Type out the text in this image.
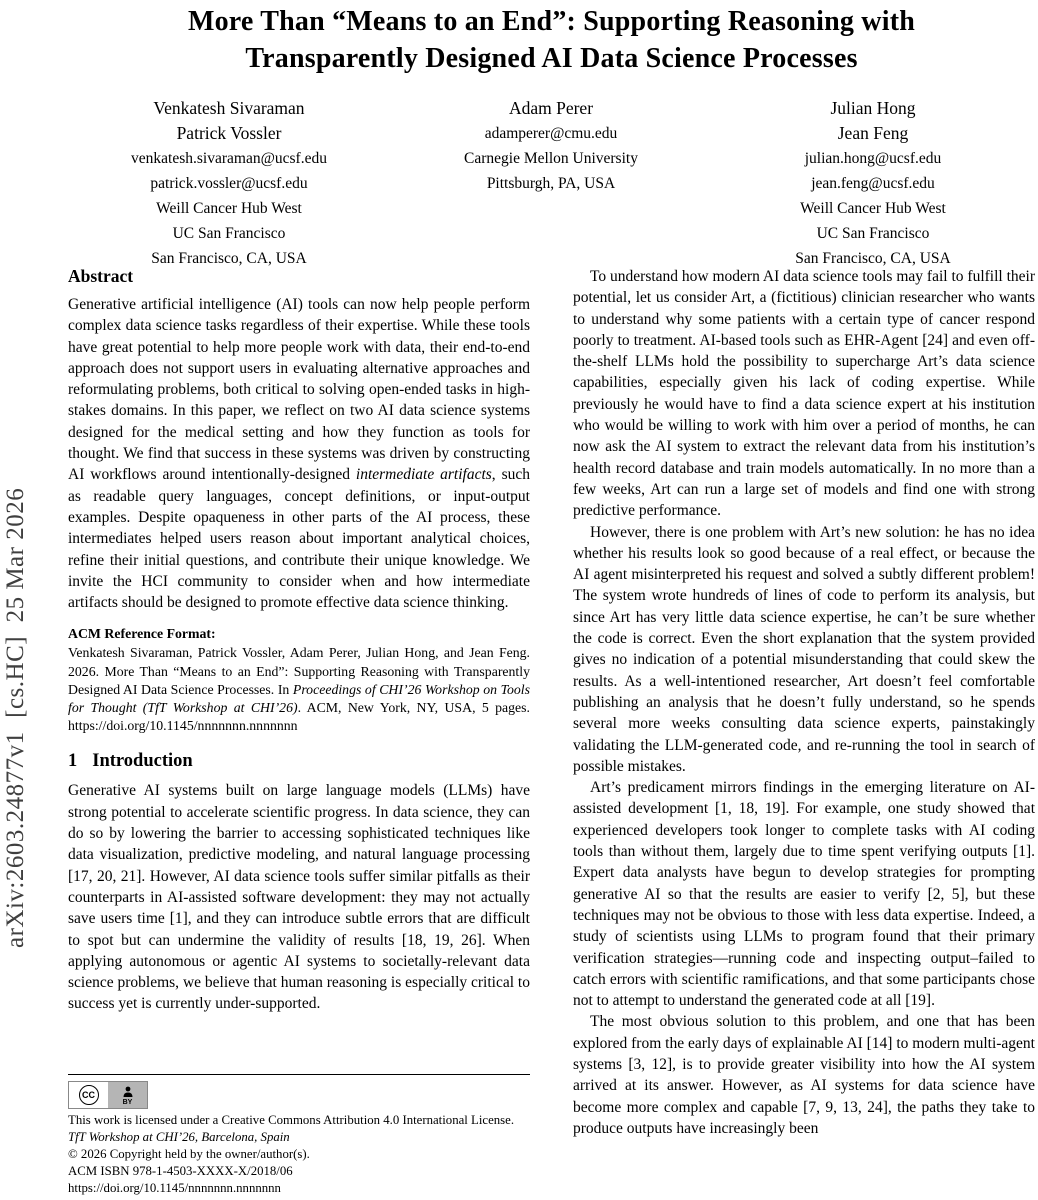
arXiv:2603.24877v1  [cs.HC]  25 Mar 2026
More Than “Means to an End”: Supporting Reasoning with
Transparently Designed AI Data Science Processes
Venkatesh Sivaraman
Patrick Vossler
venkatesh.sivaraman@ucsf.edu
patrick.vossler@ucsf.edu
Weill Cancer Hub West
UC San Francisco
San Francisco, CA, USA
Adam Perer
adamperer@cmu.edu
Carnegie Mellon University
Pittsburgh, PA, USA
Julian Hong
Jean Feng
julian.hong@ucsf.edu
jean.feng@ucsf.edu
Weill Cancer Hub West
UC San Francisco
San Francisco, CA, USA
Abstract

Generative artificial intelligence (AI) tools can now help people perform complex data science tasks regardless of their expertise. While these tools have great potential to help more people work with data, their end-to-end approach does not support users in evaluating alternative approaches and reformulating problems, both critical to solving open-ended tasks in high-stakes domains. In this paper, we reflect on two AI data science systems designed for the medical setting and how they function as tools for thought. We find that success in these systems was driven by constructing AI workflows around intentionally-designed intermediate artifacts, such as readable query languages, concept definitions, or input-output examples. Despite opaqueness in other parts of the AI process, these intermediates helped users reason about important analytical choices, refine their initial questions, and contribute their unique knowledge. We invite the HCI community to consider when and how intermediate artifacts should be designed to promote effective data science thinking.

ACM Reference Format:

Venkatesh Sivaraman, Patrick Vossler, Adam Perer, Julian Hong, and Jean Feng. 2026. More Than “Means to an End”: Supporting Reasoning with Transparently Designed AI Data Science Processes. In Proceedings of CHI’26 Workshop on Tools for Thought (TfT Workshop at CHI’26). ACM, New York, NY, USA, 5 pages. https://doi.org/10.1145/nnnnnnn.nnnnnnn

1 Introduction

Generative AI systems built on large language models (LLMs) have strong potential to accelerate scientific progress. In data science, they can do so by lowering the barrier to accessing sophisticated techniques like data visualization, predictive modeling, and natural language processing [17, 20, 21]. However, AI data science tools suffer similar pitfalls as their counterparts in AI-assisted software development: they may not actually save users time [1], and they can introduce subtle errors that are difficult to spot but can undermine the validity of results [18, 19, 26]. When applying autonomous or agentic AI systems to societally-relevant data science problems, we believe that human reasoning is especially critical to success yet is currently under-supported.

To understand how modern AI data science tools may fail to fulfill their potential, let us consider Art, a (fictitious) clinician researcher who wants to understand why some patients with a certain type of cancer respond poorly to treatment. AI-based tools such as EHR-Agent [24] and even off-the-shelf LLMs hold the possibility to supercharge Art’s data science capabilities, especially given his lack of coding expertise. While previously he would have to find a data science expert at his institution who would be willing to work with him over a period of months, he can now ask the AI system to extract the relevant data from his institution’s health record database and train models automatically. In no more than a few weeks, Art can run a large set of models and find one with strong predictive performance.

However, there is one problem with Art’s new solution: he has no idea whether his results look so good because of a real effect, or because the AI agent misinterpreted his request and solved a subtly different problem! The system wrote hundreds of lines of code to perform its analysis, but since Art has very little data science expertise, he can’t be sure whether the code is correct. Even the short explanation that the system provided gives no indication of a potential misunderstanding that could skew the results. As a well-intentioned researcher, Art doesn’t feel comfortable publishing an analysis that he doesn’t fully understand, so he spends several more weeks consulting data science experts, painstakingly validating the LLM-generated code, and re-running the tool in search of possible mistakes.

Art’s predicament mirrors findings in the emerging literature on AI-assisted development [1, 18, 19]. For example, one study showed that experienced developers took longer to complete tasks with AI coding tools than without them, largely due to time spent verifying outputs [1]. Expert data analysts have begun to develop strategies for prompting generative AI so that the results are easier to verify [2, 5], but these techniques may not be obvious to those with less data expertise. Indeed, a study of scientists using LLMs to program found that their primary verification strategies—running code and inspecting output–failed to catch errors with scientific ramifications, and that some participants chose not to attempt to understand the generated code at all [19].

The most obvious solution to this problem, and one that has been explored from the early days of explainable AI [14] to modern multi-agent systems [3, 12], is to provide greater visibility into how the AI system arrived at its answer. However, as AI systems for data science have become more complex and capable [7, 9, 13, 24], the paths they take to produce outputs have increasingly been

CC
BY
This work is licensed under a Creative Commons Attribution 4.0 International License.
TfT Workshop at CHI’26, Barcelona, Spain
© 2026 Copyright held by the owner/author(s).
ACM ISBN 978-1-4503-XXXX-X/2018/06
https://doi.org/10.1145/nnnnnnn.nnnnnnn
